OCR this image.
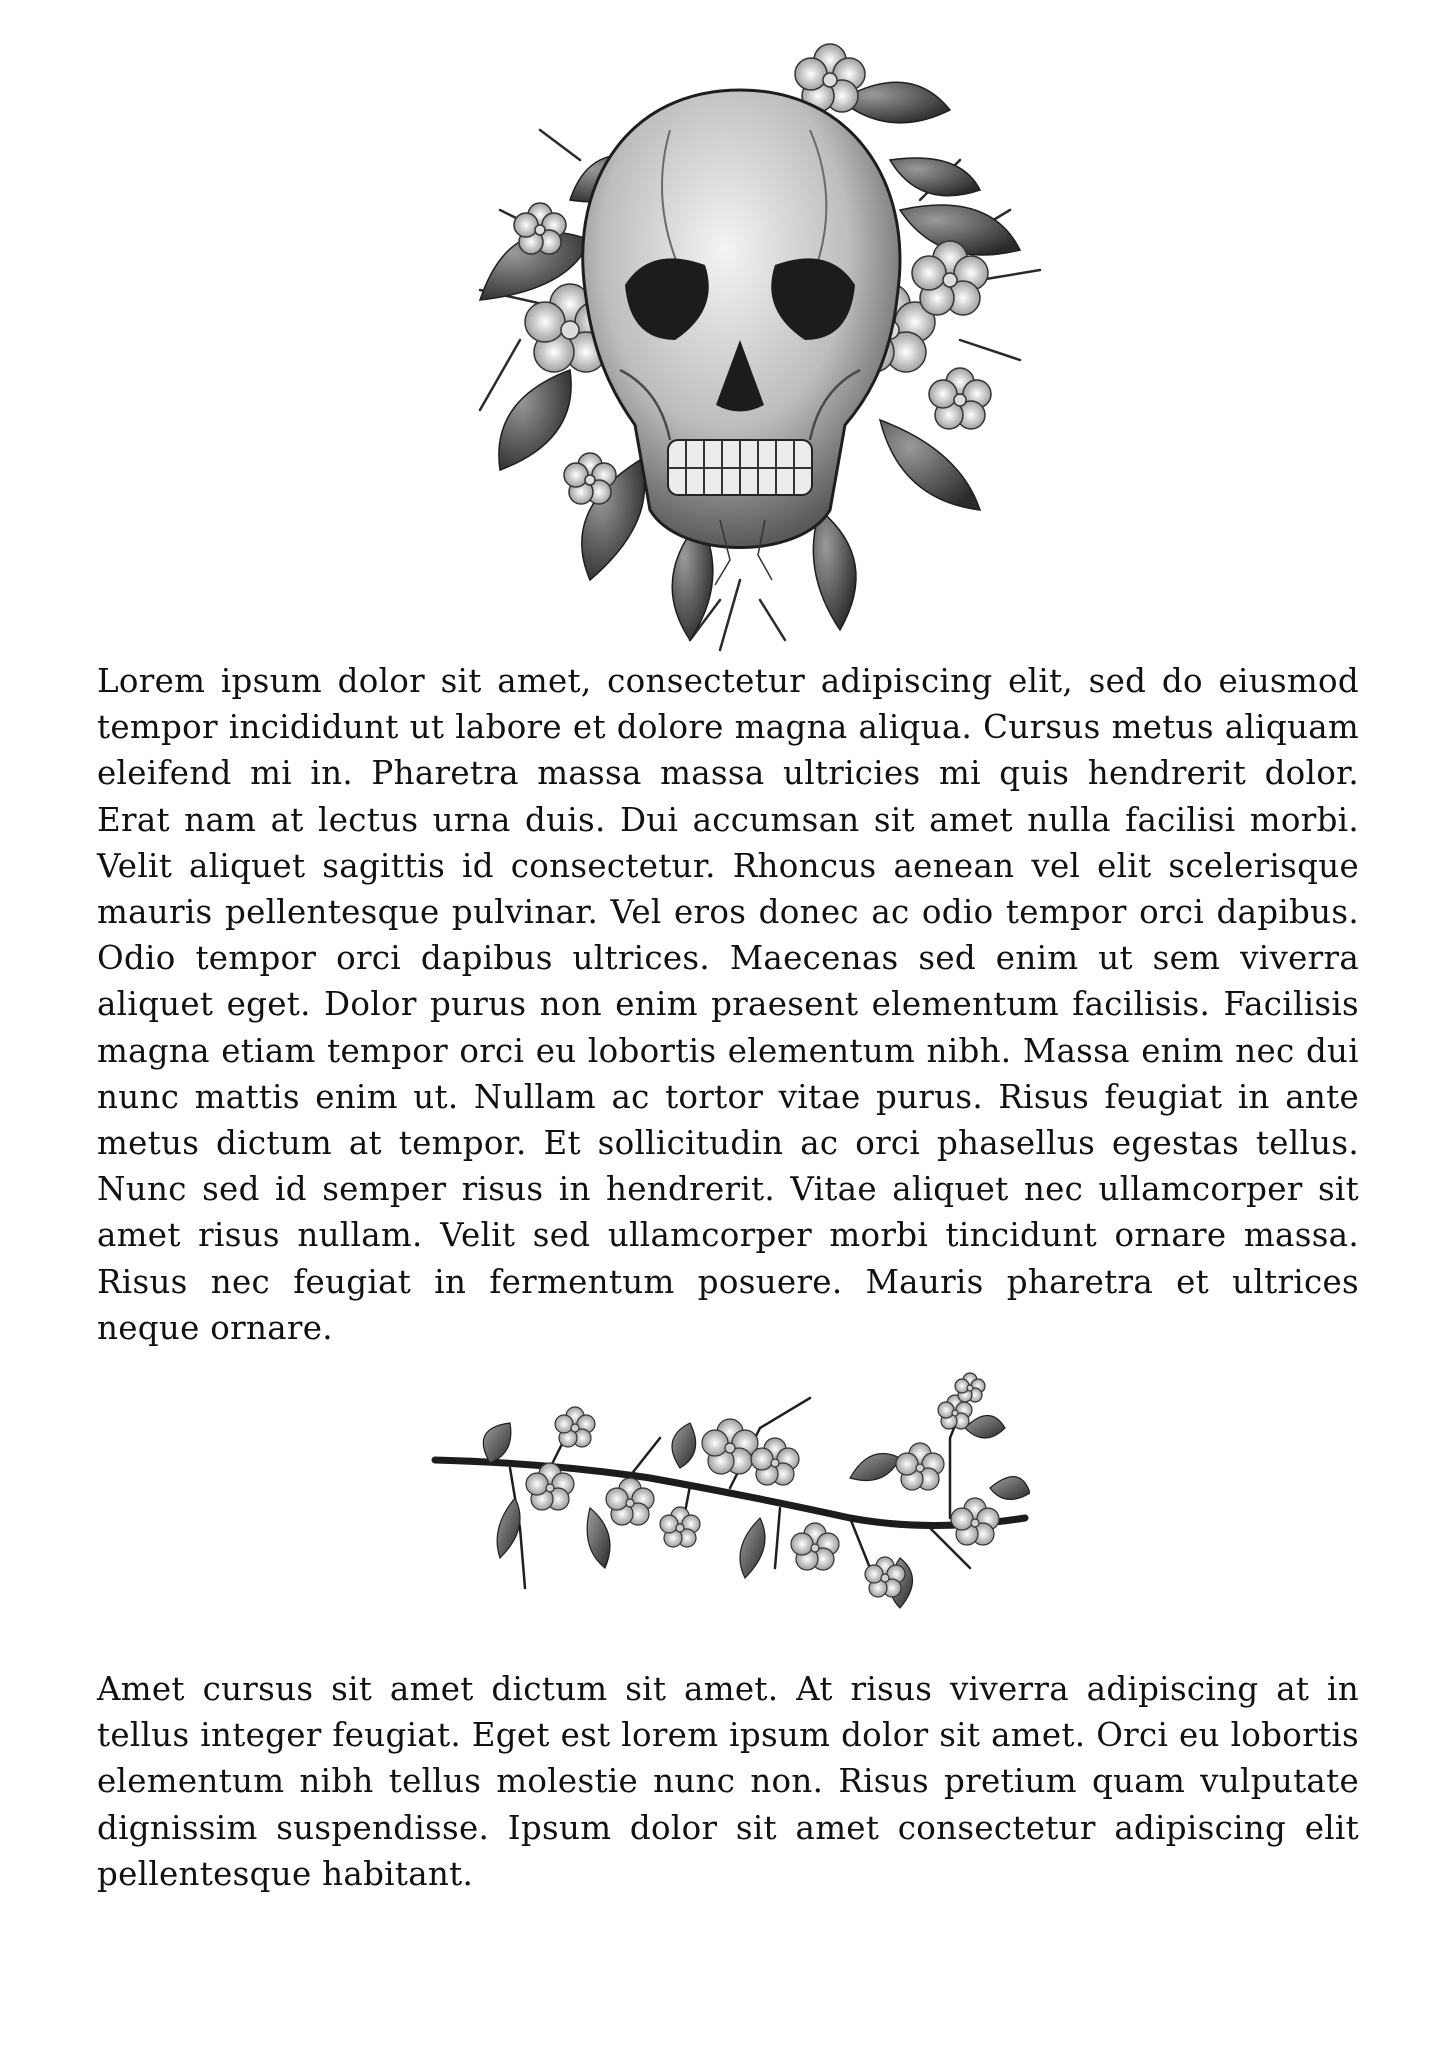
Lorem ipsum dolor sit amet, consectetur adipiscing elit, sed do eiusmod tempor incididunt ut labore et dolore magna aliqua. Cursus metus aliquam eleifend mi in. Pharetra massa massa ultricies mi quis hendrerit dolor. Erat nam at lectus urna duis. Dui accumsan sit amet nulla facilisi morbi. Velit aliquet sagittis id consectetur. Rhoncus aenean vel elit scelerisque mauris pellentesque pulvinar. Vel eros donec ac odio tempor orci dapibus. Odio tempor orci dapibus ultrices. Maecenas sed enim ut sem viverra aliquet eget. Dolor purus non enim praesent elementum facilisis. Facilisis magna etiam tempor orci eu lobortis elementum nibh. Massa enim nec dui nunc mattis enim ut. Nullam ac tortor vitae purus. Risus feugiat in ante metus dictum at tempor. Et sollicitudin ac orci phasellus egestas tellus. Nunc sed id semper risus in hendrerit. Vitae aliquet nec ullamcorper sit amet risus nullam. Velit sed ullamcorper morbi tincidunt ornare massa. Risus nec feugiat in fermentum posuere. Mauris pharetra et ultrices neque ornare.

Amet cursus sit amet dictum sit amet. At risus viverra adipiscing at in tellus integer feugiat. Eget est lorem ipsum dolor sit amet. Orci eu lobortis elementum nibh tellus molestie nunc non. Risus pretium quam vulputate dignissim suspendisse. Ipsum dolor sit amet consectetur adipiscing elit pellentesque habitant.
